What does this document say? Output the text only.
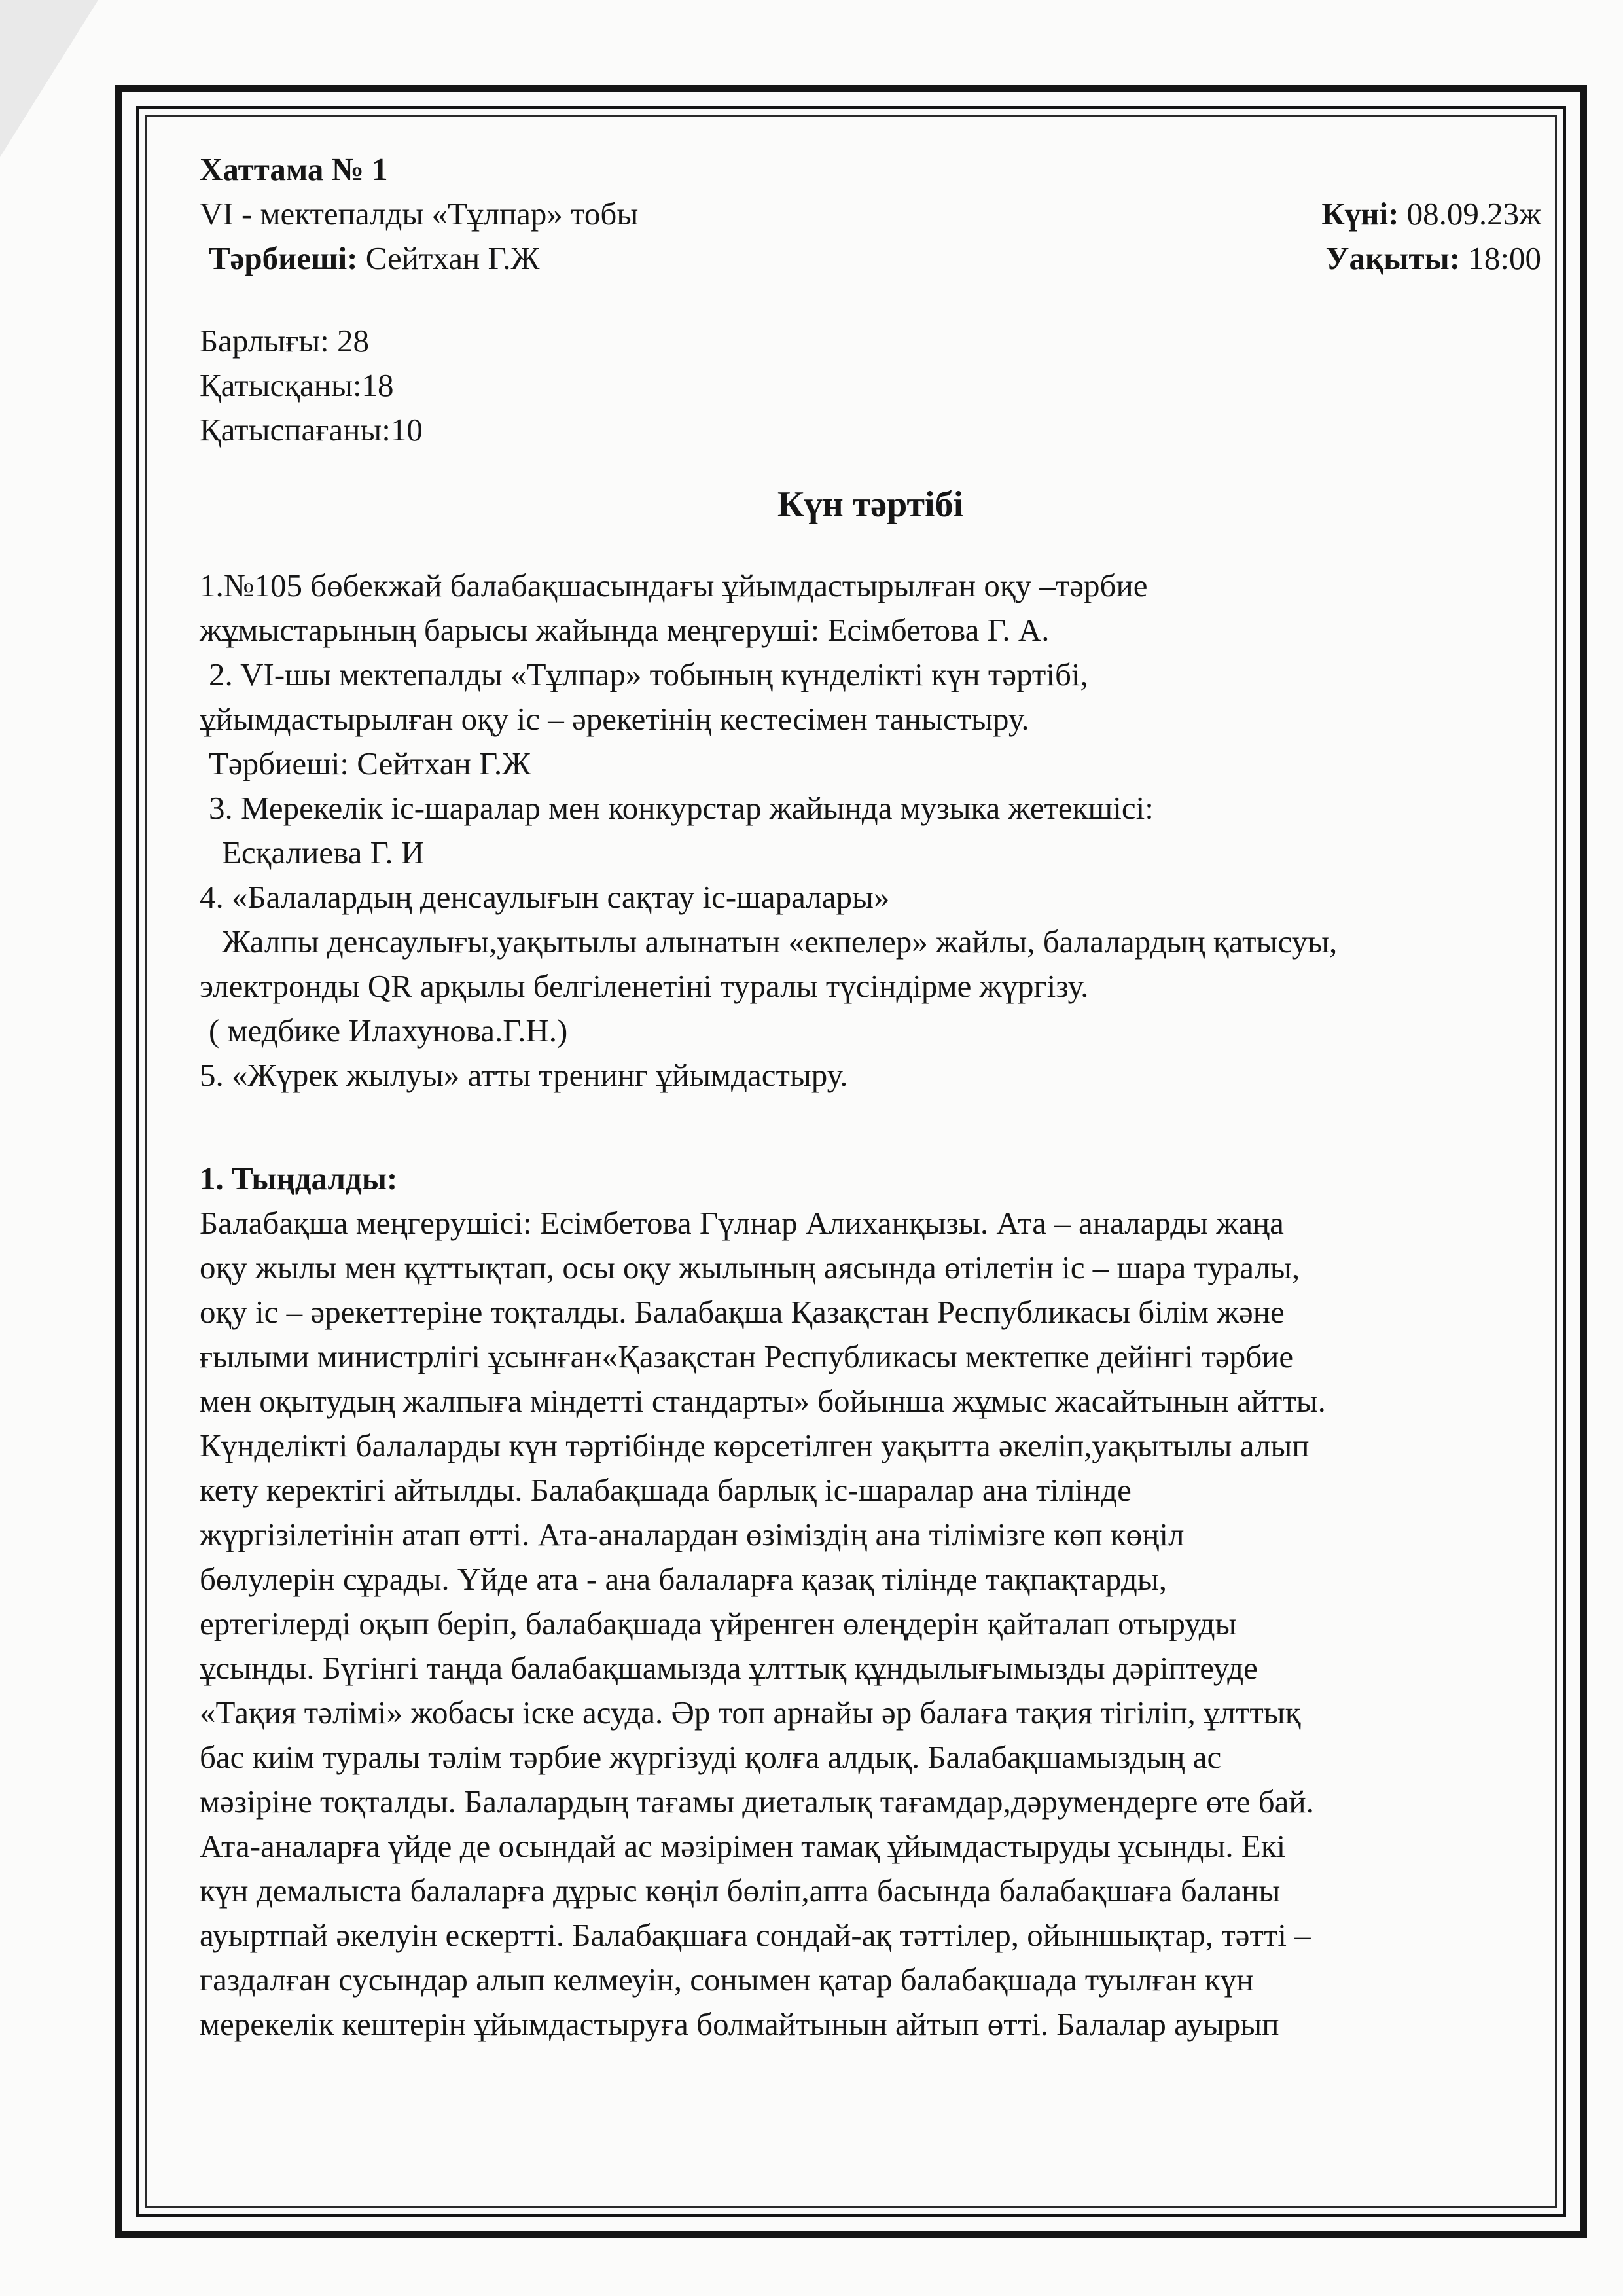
Хаттама № 1
VI - мектепалды «Тұлпар» тобы	Күні: 08.09.23ж
Тәрбиеші: Сейтхан Г.Ж	Уақыты: 18:00
Барлығы: 28
Қатысқаны:18
Қатыспағаны:10
Күн тәртібі
1.№105 бөбекжай балабақшасындағы ұйымдастырылған оқу –тәрбие
жұмыстарының барысы жайында меңгеруші: Есімбетова Г. А.
2. VI-шы мектепалды «Тұлпар» тобының күнделікті күн тәртібі,
ұйымдастырылған оқу іс – әрекетінің кестесімен таныстыру.
Тәрбиеші: Сейтхан Г.Ж
3. Мерекелік іс-шаралар мен конкурстар жайында музыка жетекшісі:
Есқалиева Г. И
4. «Балалардың денсаулығын сақтау іс-шаралары»
Жалпы денсаулығы,уақытылы алынатын «екпелер» жайлы, балалардың қатысуы,
электронды QR арқылы белгіленетіні туралы түсіндірме жүргізу.
( медбике Илахунова.Г.Н.)
5. «Жүрек жылуы» атты тренинг ұйымдастыру.
1. Тыңдалды:
Балабақша меңгерушісі: Есімбетова Гүлнар Алиханқызы. Ата – аналарды жаңа
оқу жылы мен құттықтап, осы оқу жылының аясында өтілетін іс – шара туралы,
оқу іс – әрекеттеріне тоқталды. Балабақша Қазақстан Республикасы білім және
ғылыми министрлігі ұсынған«Қазақстан Республикасы мектепке дейінгі тәрбие
мен оқытудың жалпыға міндетті стандарты» бойынша жұмыс жасайтынын айтты.
Күнделікті балаларды күн тәртібінде көрсетілген уақытта әкеліп,уақытылы алып
кету керектігі айтылды. Балабақшада барлық іс-шаралар ана тілінде
жүргізілетінін атап өтті. Ата-аналардан өзіміздің ана тілімізге көп көңіл
бөлулерін сұрады. Үйде ата - ана балаларға қазақ тілінде тақпақтарды,
ертегілерді оқып беріп, балабақшада үйренген өлеңдерін қайталап отыруды
ұсынды. Бүгінгі таңда балабақшамызда ұлттық құндылығымызды дәріптеуде
«Тақия тәлімі» жобасы іске асуда. Әр топ арнайы әр балаға тақия тігіліп, ұлттық
бас киім туралы тәлім тәрбие жүргізуді қолға алдық. Балабақшамыздың ас
мәзіріне тоқталды. Балалардың тағамы диеталық тағамдар,дәрумендерге өте бай.
Ата-аналарға үйде де осындай ас мәзірімен тамақ ұйымдастыруды ұсынды. Екі
күн демалыста балаларға дұрыс көңіл бөліп,апта басында балабақшаға баланы
ауыртпай әкелуін ескертті. Балабақшаға сондай-ақ тәттілер, ойыншықтар, тәтті –
газдалған сусындар алып келмеуін, сонымен қатар балабақшада туылған күн
мерекелік кештерін ұйымдастыруға болмайтынын айтып өтті. Балалар ауырып
